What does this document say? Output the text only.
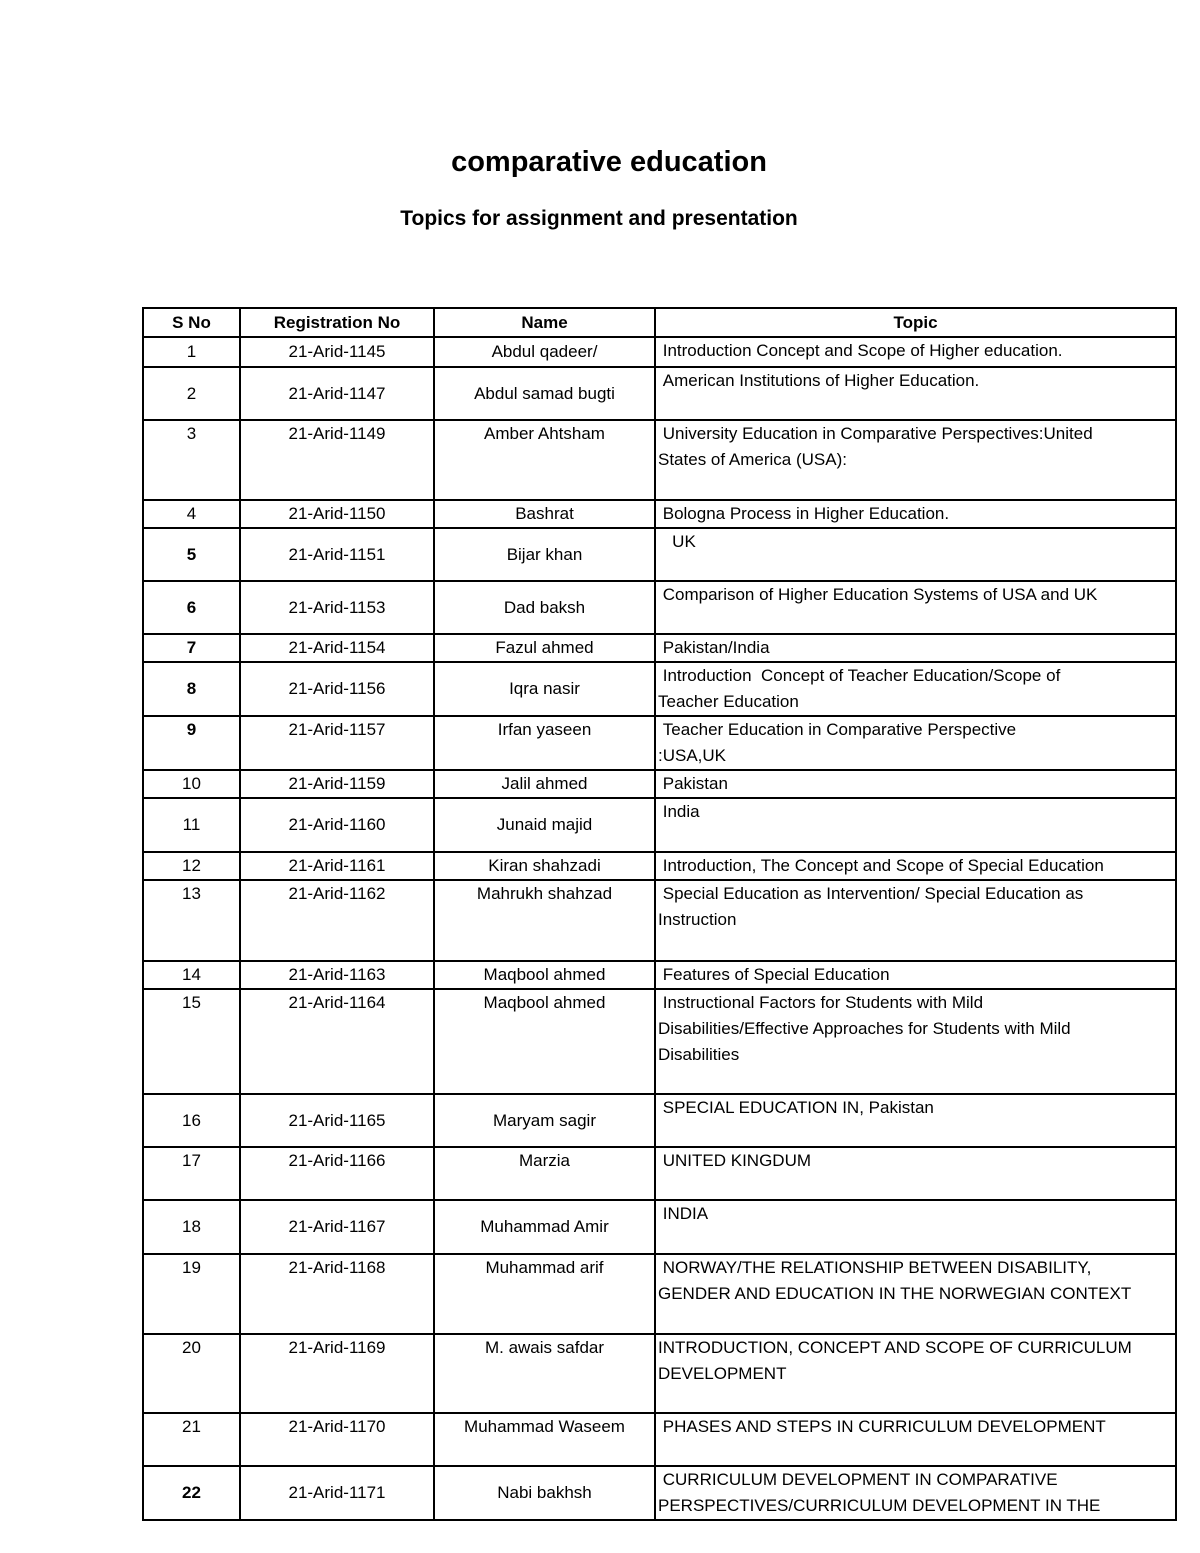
comparative education
Topics for assignment and presentation
S No	Registration No	Name	Topic
1	21-Arid-1145	Abdul qadeer/	Introduction Concept and Scope of Higher education.
2	21-Arid-1147	Abdul samad bugti	American Institutions of Higher Education.
3	21-Arid-1149	Amber Ahtsham	University Education in Comparative Perspectives:United
States of America (USA):
4	21-Arid-1150	Bashrat	Bologna Process in Higher Education.
5	21-Arid-1151	Bijar khan	UK
6	21-Arid-1153	Dad baksh	Comparison of Higher Education Systems of USA and UK
7	21-Arid-1154	Fazul ahmed	Pakistan/India
8	21-Arid-1156	Iqra nasir	Introduction  Concept of Teacher Education/Scope of
Teacher Education
9	21-Arid-1157	Irfan yaseen	Teacher Education in Comparative Perspective
:USA,UK
10	21-Arid-1159	Jalil ahmed	Pakistan
11	21-Arid-1160	Junaid majid	India
12	21-Arid-1161	Kiran shahzadi	Introduction, The Concept and Scope of Special Education
13	21-Arid-1162	Mahrukh shahzad	Special Education as Intervention/ Special Education as
Instruction
14	21-Arid-1163	Maqbool ahmed	Features of Special Education
15	21-Arid-1164	Maqbool ahmed	Instructional Factors for Students with Mild
Disabilities/Effective Approaches for Students with Mild
Disabilities
16	21-Arid-1165	Maryam sagir	SPECIAL EDUCATION IN, Pakistan
17	21-Arid-1166	Marzia	UNITED KINGDUM
18	21-Arid-1167	Muhammad Amir	INDIA
19	21-Arid-1168	Muhammad arif	NORWAY/THE RELATIONSHIP BETWEEN DISABILITY,
GENDER AND EDUCATION IN THE NORWEGIAN CONTEXT
20	21-Arid-1169	M. awais safdar	INTRODUCTION, CONCEPT AND SCOPE OF CURRICULUM
DEVELOPMENT
21	21-Arid-1170	Muhammad Waseem	PHASES AND STEPS IN CURRICULUM DEVELOPMENT
22	21-Arid-1171	Nabi bakhsh	CURRICULUM DEVELOPMENT IN COMPARATIVE
PERSPECTIVES/CURRICULUM DEVELOPMENT IN THE
